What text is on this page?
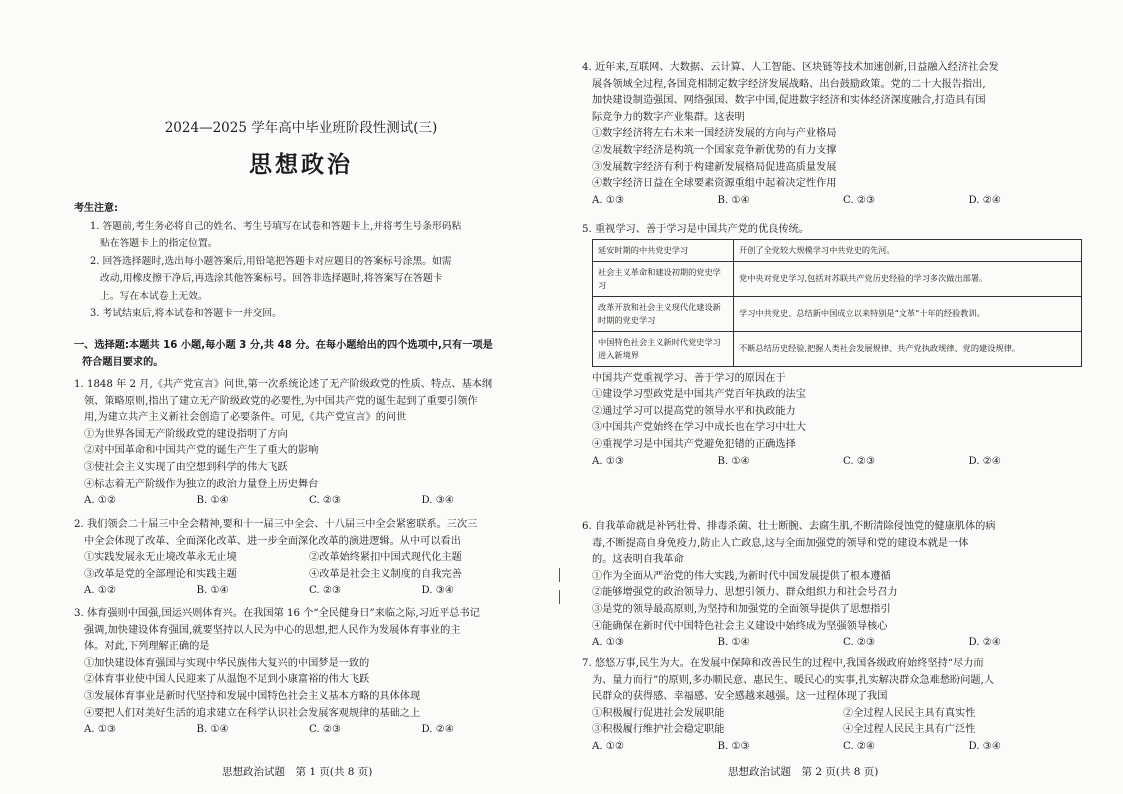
2024—2025 学年高中毕业班阶段性测试(三)
思想政治
考生注意:
1. 答题前,考生务必将自己的姓名、考生号填写在试卷和答题卡上,并将考生号条形码粘
贴在答题卡上的指定位置。
2. 回答选择题时,选出每小题答案后,用铅笔把答题卡对应题目的答案标号涂黑。如需
改动,用橡皮擦干净后,再选涂其他答案标号。回答非选择题时,将答案写在答题卡
上。写在本试卷上无效。
3. 考试结束后,将本试卷和答题卡一并交回。
一、选择题:本题共 16 小题,每小题 3 分,共 48 分。在每小题给出的四个选项中,只有一项是
符合题目要求的。
1. 1848 年 2 月,《共产党宣言》问世,第一次系统论述了无产阶级政党的性质、特点、基本纲
领、策略原则,指出了建立无产阶级政党的必要性,为中国共产党的诞生起到了重要引领作
用,为建立共产主义新社会创造了必要条件。可见,《共产党宣言》的问世
①为世界各国无产阶级政党的建设指明了方向
②对中国革命和中国共产党的诞生产生了重大的影响
③使社会主义实现了由空想到科学的伟大飞跃
④标志着无产阶级作为独立的政治力量登上历史舞台
A. ①②	B. ①④	C. ②③	D. ③④
2. 我们领会二十届三中全会精神,要和十一届三中全会、十八届三中全会紧密联系。三次三
中全会体现了改革、全面深化改革、进一步全面深化改革的演进逻辑。从中可以看出
①实践发展永无止境改革永无止境	②改革始终紧扣中国式现代化主题
③改革是党的全部理论和实践主题	④改革是社会主义制度的自我完善
A. ①②	B. ①④	C. ②③	D. ③④
3. 体育强则中国强,国运兴则体育兴。在我国第 16 个“全民健身日”来临之际,习近平总书记
强调,加快建设体育强国,就要坚持以人民为中心的思想,把人民作为发展体育事业的主
体。对此,下列理解正确的是
①加快建设体育强国与实现中华民族伟大复兴的中国梦是一致的
②体育事业使中国人民迎来了从温饱不足到小康富裕的伟大飞跃
③发展体育事业是新时代坚持和发展中国特色社会主义基本方略的具体体现
④要把人们对美好生活的追求建立在科学认识社会发展客观规律的基础之上
A. ①③	B. ①④	C. ②③	D. ②④
思想政治试题　第 1 页(共 8 页)
4. 近年来,互联网、大数据、云计算、人工智能、区块链等技术加速创新,日益融入经济社会发
展各领域全过程,各国竞相制定数字经济发展战略、出台鼓励政策。党的二十大报告指出,
加快建设制造强国、网络强国、数字中国,促进数字经济和实体经济深度融合,打造具有国
际竞争力的数字产业集群。这表明
①数字经济将左右未来一国经济发展的方向与产业格局
②发展数字经济是构筑一个国家竞争新优势的有力支撑
③发展数字经济有利于构建新发展格局促进高质量发展
④数字经济日益在全球要素资源重组中起着决定性作用
A. ①③	B. ①④	C. ②③	D. ②④
5. 重视学习、善于学习是中国共产党的优良传统。
延安时期的中共党史学习	开创了全党较大规模学习中共党史的先河。
社会主义革命和建设初期的党史学习	党中央对党史学习,包括对苏联共产党历史经验的学习多次做出部署。
改革开放和社会主义现代化建设新时期的党史学习	学习中共党史、总结新中国成立以来特别是“文革”十年的经验教训。
中国特色社会主义新时代党史学习进入新境界	不断总结历史经验,把握人类社会发展规律、共产党执政规律、党的建设规律。
中国共产党重视学习、善于学习的原因在于
①建设学习型政党是中国共产党百年执政的法宝
②通过学习可以提高党的领导水平和执政能力
③中国共产党始终在学习中成长也在学习中壮大
④重视学习是中国共产党避免犯错的正确选择
A. ①③	B. ①④	C. ②③	D. ②④
6. 自我革命就是补钙壮骨、排毒杀菌、壮士断腕、去腐生肌,不断清除侵蚀党的健康肌体的病
毒,不断提高自身免疫力,防止人亡政息,这与全面加强党的领导和党的建设本就是一体
的。这表明自我革命
①作为全面从严治党的伟大实践,为新时代中国发展提供了根本遵循
②能够增强党的政治领导力、思想引领力、群众组织力和社会号召力
③是党的领导最高原则,为坚持和加强党的全面领导提供了思想指引
④能确保在新时代中国特色社会主义建设中始终成为坚强领导核心
A. ①③	B. ①④	C. ②③	D. ②④
7. 悠悠万事,民生为大。在发展中保障和改善民生的过程中,我国各级政府始终坚持“尽力而
为、量力而行”的原则,多办顺民意、惠民生、暖民心的实事,扎实解决群众急难愁盼问题,人
民群众的获得感、幸福感、安全感越来越强。这一过程体现了我国
①积极履行促进社会发展职能	②全过程人民民主具有真实性
③积极履行维护社会稳定职能	④全过程人民民主具有广泛性
A. ①②	B. ①③	C. ②④	D. ③④
思想政治试题　第 2 页(共 8 页)
